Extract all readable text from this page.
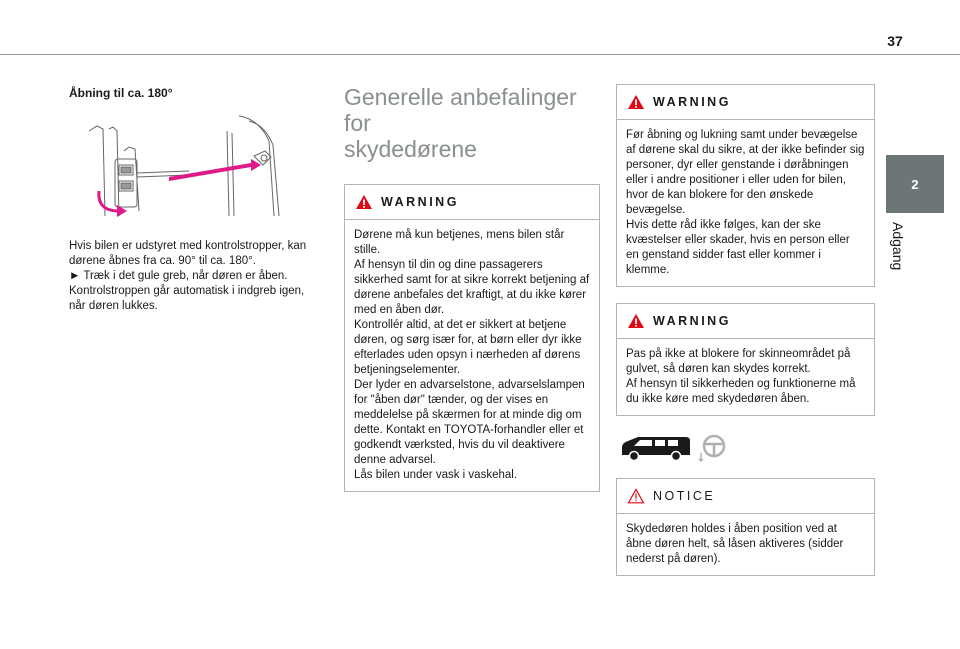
37
2
Adgang
Åbning til ca. 180°

Hvis bilen er udstyret med kontrolstropper, kan dørene åbnes fra ca. 90° til ca. 180°.

► Træk i det gule greb, når døren er åben.

Kontrolstroppen går automatisk i indgreb igen, når døren lukkes.

Generelle anbefalinger for
skydedørene
WARNING

Dørene må kun betjenes, mens bilen står stille.

Af hensyn til din og dine passagerers sikkerhed samt for at sikre korrekt betjening af dørene anbefales det kraftigt, at du ikke kører med en åben dør.

Kontrollér altid, at det er sikkert at betjene døren, og sørg især for, at børn eller dyr ikke efterlades uden opsyn i nærheden af dørens betjeningselementer.

Der lyder en advarselstone, advarselslampen for "åben dør" tænder, og der vises en meddelelse på skærmen for at minde dig om dette. Kontakt en TOYOTA-forhandler eller et godkendt værksted, hvis du vil deaktivere denne advarsel.

Lås bilen under vask i vaskehal.

WARNING

Før åbning og lukning samt under bevægelse af dørene skal du sikre, at der ikke befinder sig personer, dyr eller genstande i døråbningen eller i andre positioner i eller uden for bilen, hvor de kan blokere for den ønskede bevægelse.

Hvis dette råd ikke følges, kan der ske kvæstelser eller skader, hvis en person eller en genstand sidder fast eller kommer i klemme.

WARNING

Pas på ikke at blokere for skinneområdet på gulvet, så døren kan skydes korrekt.

Af hensyn til sikkerheden og funktionerne må du ikke køre med skydedøren åben.

NOTICE

Skydedøren holdes i åben position ved at åbne døren helt, så låsen aktiveres (sidder nederst på døren).
